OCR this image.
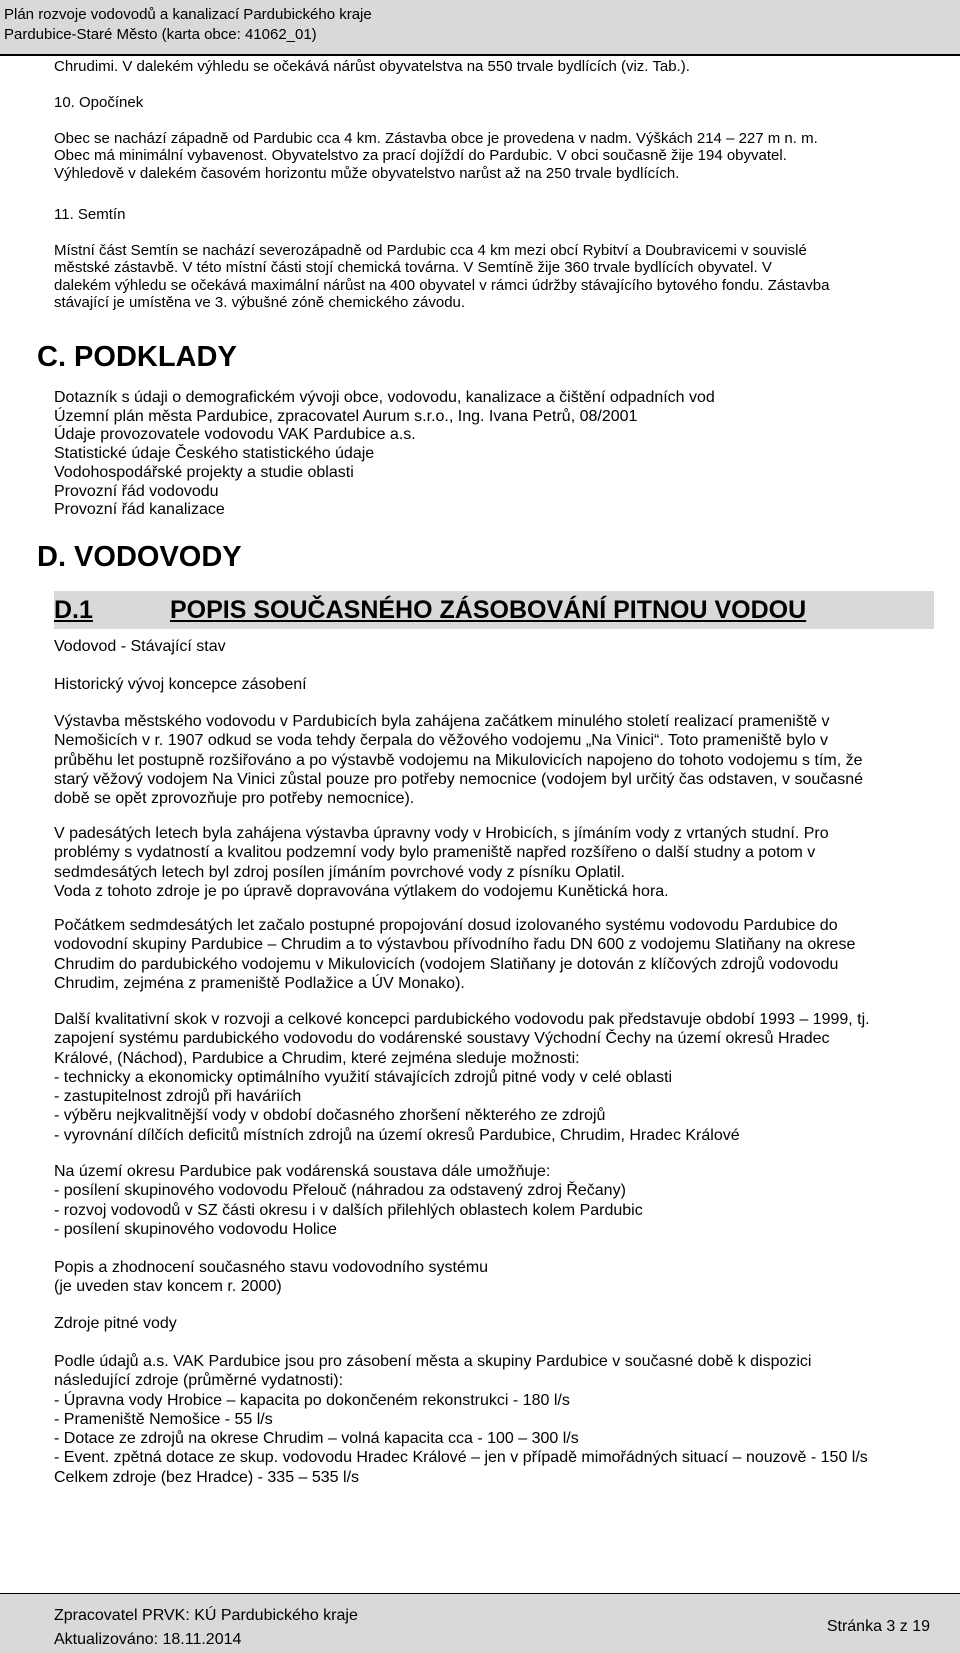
Plán rozvoje vodovodů a kanalizací Pardubického kraje
Pardubice-Staré Město (karta obce: 41062_01)

Chrudimi. V dalekém výhledu se očekává nárůst obyvatelstva na 550 trvale bydlících (viz. Tab.).

10. Opočínek

Obec se nachází západně od Pardubic cca 4 km. Zástavba obce je provedena v nadm. Výškách 214 – 227 m n. m.

Obec má minimální vybavenost. Obyvatelstvo za prací dojíždí do Pardubic. V obci současně žije 194 obyvatel.

Výhledově v dalekém časovém horizontu může obyvatelstvo narůst až na 250 trvale bydlících.

11. Semtín

Místní část Semtín se nachází severozápadně od Pardubic cca 4 km mezi obcí Rybitví a Doubravicemi v souvislé

městské zástavbě. V této místní části stojí chemická továrna. V Semtíně žije 360 trvale bydlících obyvatel. V

dalekém výhledu se očekává maximální nárůst na 400 obyvatel v rámci údržby stávajícího bytového fondu. Zástavba

stávající je umístěna ve 3. výbušné zóně chemického závodu.

C. PODKLADY

Dotazník s údaji o demografickém vývoji obce, vodovodu, kanalizace a čištění odpadních vod

Územní plán města Pardubice, zpracovatel Aurum s.r.o., Ing. Ivana Petrů, 08/2001

Údaje provozovatele vodovodu VAK Pardubice a.s.

Statistické údaje Českého statistického údaje

Vodohospodářské projekty a studie oblasti

Provozní řád vodovodu

Provozní řád kanalizace

D. VODOVODY
D.1	POPIS SOUČASNÉHO ZÁSOBOVÁNÍ PITNOU VODOU
Vodovod - Stávající stav
Historický vývoj koncepce zásobení

Výstavba městského vodovodu v Pardubicích byla zahájena začátkem minulého století realizací prameniště v

Nemošicích v r. 1907 odkud se voda tehdy čerpala do věžového vodojemu „Na Vinici“. Toto prameniště bylo v

průběhu let postupně rozšiřováno a po výstavbě vodojemu na Mikulovicích napojeno do tohoto vodojemu s tím, že

starý věžový vodojem Na Vinici zůstal pouze pro potřeby nemocnice (vodojem byl určitý čas odstaven, v současné

době se opět zprovozňuje pro potřeby nemocnice).

V padesátých letech byla zahájena výstavba úpravny vody v Hrobicích, s jímáním vody z vrtaných studní. Pro

problémy s vydatností a kvalitou podzemní vody bylo prameniště napřed rozšířeno o další studny a potom v

sedmdesátých letech byl zdroj posílen jímáním povrchové vody z písníku Oplatil.

Voda z tohoto zdroje je po úpravě dopravována výtlakem do vodojemu Kunětická hora.

Počátkem sedmdesátých let začalo postupné propojování dosud izolovaného systému vodovodu Pardubice do

vodovodní skupiny Pardubice – Chrudim a to výstavbou přívodního řadu DN 600 z vodojemu Slatiňany na okrese

Chrudim do pardubického vodojemu v Mikulovicích (vodojem Slatiňany je dotován z klíčových zdrojů vodovodu

Chrudim, zejména z prameniště Podlažice a ÚV Monako).

Další kvalitativní skok v rozvoji a celkové koncepci pardubického vodovodu pak představuje období 1993 – 1999, tj.

zapojení systému pardubického vodovodu do vodárenské soustavy Východní Čechy na území okresů Hradec

Králové, (Náchod), Pardubice a Chrudim, které zejména sleduje možnosti:

- technicky a ekonomicky optimálního využití stávajících zdrojů pitné vody v celé oblasti

- zastupitelnost zdrojů při haváriích

- výběru nejkvalitnější vody v období dočasného zhoršení některého ze zdrojů

- vyrovnání dílčích deficitů místních zdrojů na území okresů Pardubice, Chrudim, Hradec Králové

Na území okresu Pardubice pak vodárenská soustava dále umožňuje:

- posílení skupinového vodovodu Přelouč (náhradou za odstavený zdroj Řečany)

- rozvoj vodovodů v SZ části okresu i v dalších přilehlých oblastech kolem Pardubic

- posílení skupinového vodovodu Holice

Popis a zhodnocení současného stavu vodovodního systému

(je uveden stav koncem r. 2000)

Zdroje pitné vody

Podle údajů a.s. VAK Pardubice jsou pro zásobení města a skupiny Pardubice v současné době k dispozici

následující zdroje (průměrné vydatnosti):

- Úpravna vody Hrobice – kapacita po dokončeném rekonstrukci - 180 l/s

- Prameniště Nemošice - 55 l/s

- Dotace ze zdrojů na okrese Chrudim – volná kapacita cca - 100 – 300 l/s

- Event. zpětná dotace ze skup. vodovodu Hradec Králové – jen v případě mimořádných situací – nouzově - 150 l/s

Celkem zdroje (bez Hradce) - 335 – 535 l/s

Zpracovatel PRVK: KÚ Pardubického kraje
Aktualizováno: 18.11.2014
Stránka 3 z 19
